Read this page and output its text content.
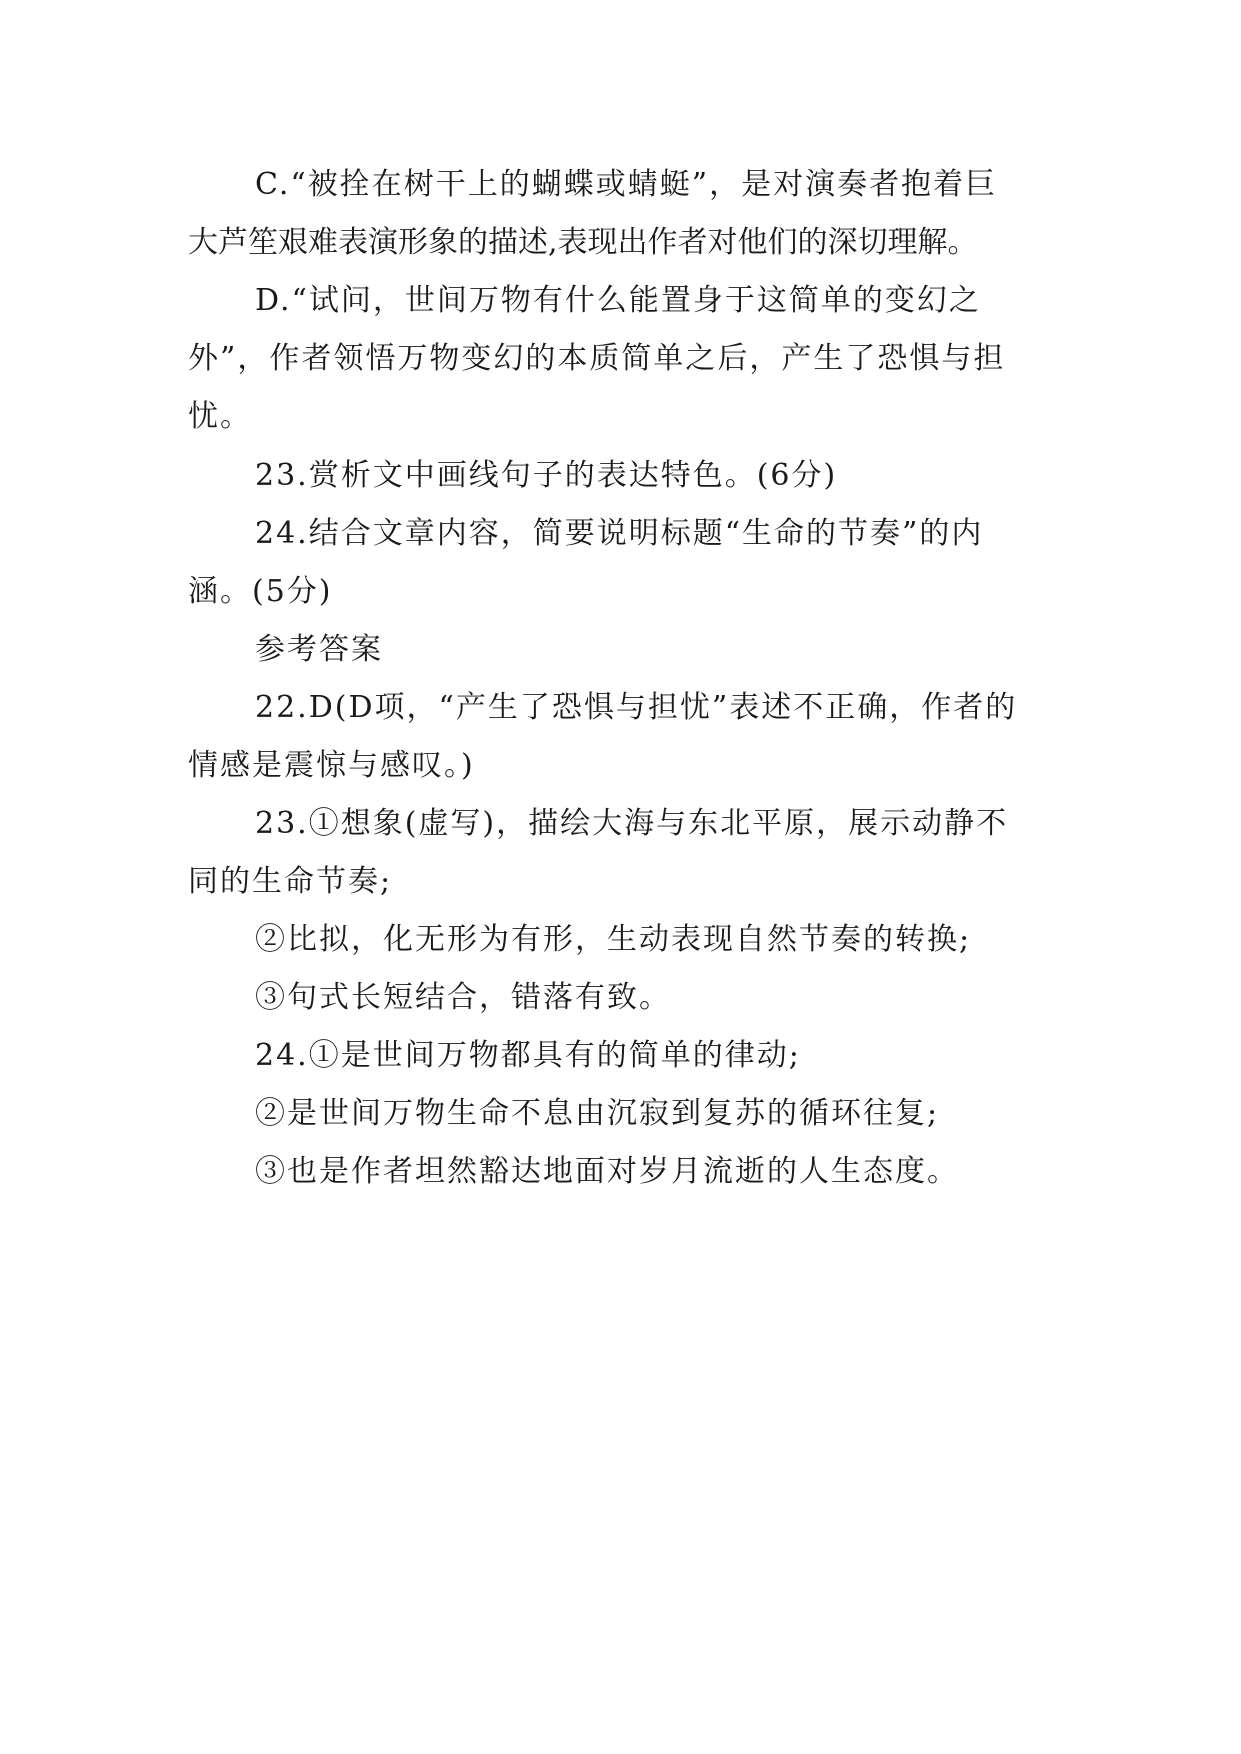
C.“被拴在树干上的蝴蝶或蜻蜓”，是对演奏者抱着巨
大芦笙艰难表演形象的描述,表现出作者对他们的深切理解。
D.“试问，世间万物有什么能置身于这简单的变幻之
外”，作者领悟万物变幻的本质简单之后，产生了恐惧与担
忧。
23.赏析文中画线句子的表达特色。(6分)
24.结合文章内容，简要说明标题“生命的节奏”的内
涵。(5分)
参考答案
22.D(D项，“产生了恐惧与担忧”表述不正确，作者的
情感是震惊与感叹。)
23.①想象(虚写)，描绘大海与东北平原，展示动静不
同的生命节奏;
②比拟，化无形为有形，生动表现自然节奏的转换;
③句式长短结合，错落有致。
24.①是世间万物都具有的简单的律动;
②是世间万物生命不息由沉寂到复苏的循环往复;
③也是作者坦然豁达地面对岁月流逝的人生态度。
